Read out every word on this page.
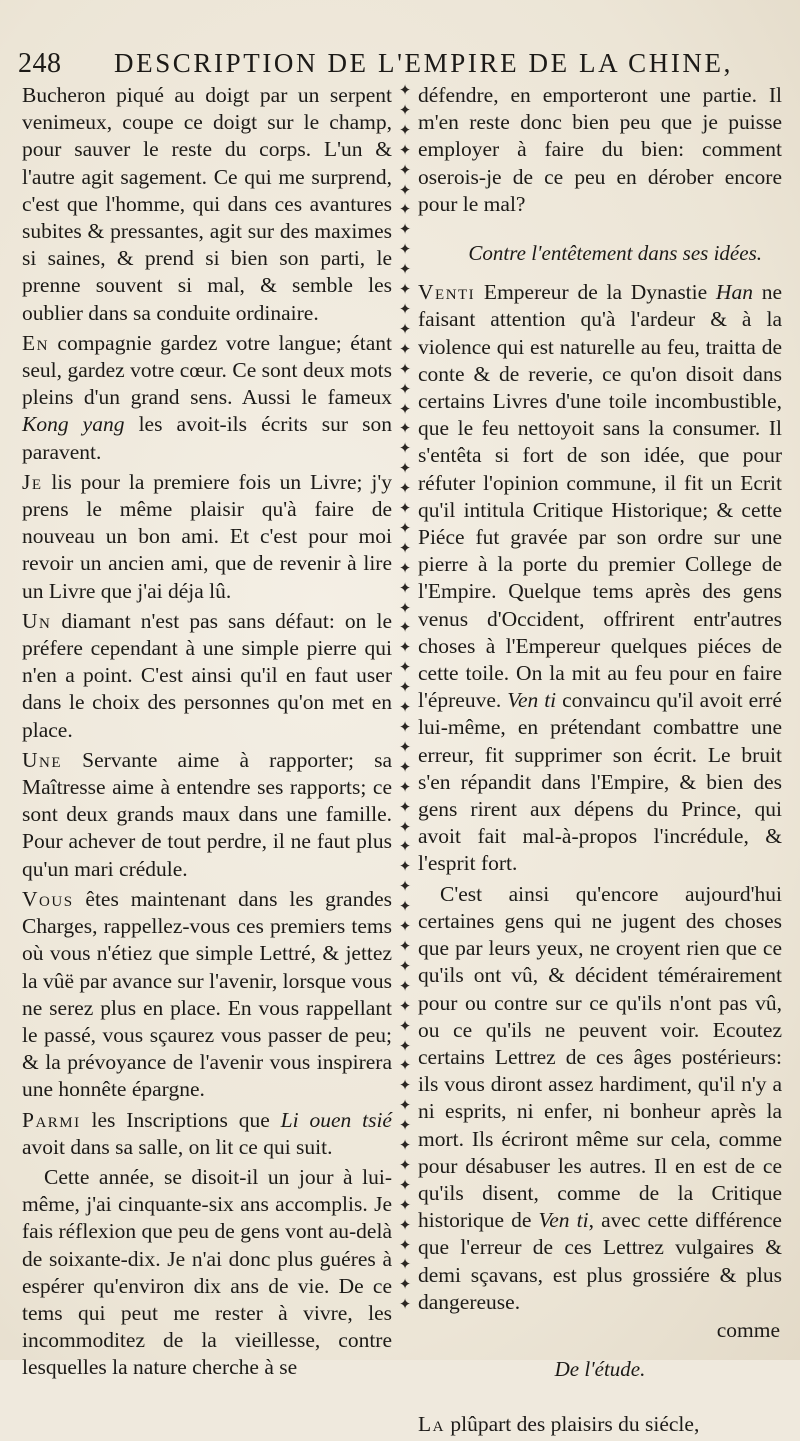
248 DESCRIPTION DE L'EMPIRE DE LA CHINE,

Bucheron piqué au doigt par un serpent venimeux, coupe ce doigt sur le champ, pour sauver le reste du corps. L'un & l'autre agit sagement. Ce qui me surprend, c'est que l'homme, qui dans ces avantures subites & pressantes, agit sur des maximes si saines, & prend si bien son parti, le prenne souvent si mal, & semble les oublier dans sa conduite ordinaire.

En compagnie gardez votre langue; étant seul, gardez votre cœur. Ce sont deux mots pleins d'un grand sens. Aussi le fameux Kong yang les avoit-ils écrits sur son paravent.

Je lis pour la premiere fois un Livre; j'y prens le même plaisir qu'à faire de nouveau un bon ami. Et c'est pour moi revoir un ancien ami, que de revenir à lire un Livre que j'ai déja lû.

Un diamant n'est pas sans défaut: on le préfere cependant à une simple pierre qui n'en a point. C'est ainsi qu'il en faut user dans le choix des personnes qu'on met en place.

Une Servante aime à rapporter; sa Maîtresse aime à entendre ses rapports; ce sont deux grands maux dans une famille. Pour achever de tout perdre, il ne faut plus qu'un mari crédule.

Vous êtes maintenant dans les grandes Charges, rappellez-vous ces premiers tems où vous n'étiez que simple Lettré, & jettez la vûë par avance sur l'avenir, lorsque vous ne serez plus en place. En vous rappellant le passé, vous sçaurez vous passer de peu; & la prévoyance de l'avenir vous inspirera une honnête épargne.

Parmi les Inscriptions que Li ouen tsié avoit dans sa salle, on lit ce qui suit.

Cette année, se disoit-il un jour à lui-même, j'ai cinquante-six ans accomplis. Je fais réflexion que peu de gens vont au-delà de soixante-dix. Je n'ai donc plus guéres à espérer qu'environ dix ans de vie. De ce tems qui peut me rester à vivre, les incommoditez de la vieillesse, contre lesquelles la nature cherche à se

✦
✦
✦
✦
✦
✦
✦
✦
✦
✦
✦
✦
✦
✦
✦
✦
✦
✦
✦
✦
✦
✦
✦
✦
✦
✦
✦
✦
✦
✦
✦
✦
✦
✦
✦
✦
✦
✦
✦
✦
✦
✦
✦
✦
✦
✦
✦
✦
✦
✦
✦
✦
✦
✦
✦
✦
✦
✦
✦
✦
✦
✦

défendre, en emporteront une partie. Il m'en reste donc bien peu que je puisse employer à faire du bien: comment oserois-je de ce peu en dérober encore pour le mal?

Contre l'entêtement dans ses idées.

Venti Empereur de la Dynastie Han ne faisant attention qu'à l'ardeur & à la violence qui est naturelle au feu, traitta de conte & de reverie, ce qu'on disoit dans certains Livres d'une toile incombustible, que le feu nettoyoit sans la consumer. Il s'entêta si fort de son idée, que pour réfuter l'opinion commune, il fit un Ecrit qu'il intitula Critique Historique; & cette Piéce fut gravée par son ordre sur une pierre à la porte du premier College de l'Empire. Quelque tems après des gens venus d'Occident, offrirent entr'autres choses à l'Empereur quelques piéces de cette toile. On la mit au feu pour en faire l'épreuve. Ven ti convaincu qu'il avoit erré lui-même, en prétendant combattre une erreur, fit supprimer son écrit. Le bruit s'en répandit dans l'Empire, & bien des gens rirent aux dépens du Prince, qui avoit fait mal-à-propos l'incrédule, & l'esprit fort.

C'est ainsi qu'encore aujourd'hui certaines gens qui ne jugent des choses que par leurs yeux, ne croyent rien que ce qu'ils ont vû, & décident témérairement pour ou contre sur ce qu'ils n'ont pas vû, ou ce qu'ils ne peuvent voir. Ecoutez certains Lettrez de ces âges postérieurs: ils vous diront assez hardiment, qu'il n'y a ni esprits, ni enfer, ni bonheur après la mort. Ils écriront même sur cela, comme pour désabuser les autres. Il en est de ce qu'ils disent, comme de la Critique historique de Ven ti, avec cette différence que l'erreur de ces Lettrez vulgaires & demi sçavans, est plus grossiére & plus dangereuse.

De l'étude.

La plûpart des plaisirs du siécle,

comme
